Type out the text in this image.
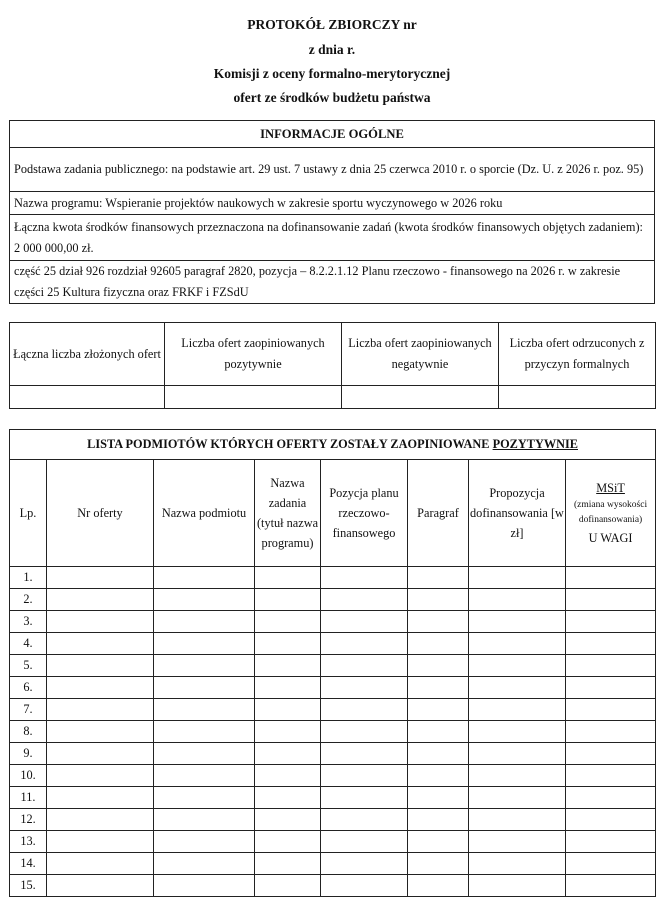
PROTOKÓŁ ZBIORCZY nr
z dnia r.
Komisji z oceny formalno-merytorycznej
ofert ze środków budżetu państwa
INFORMACJE OGÓLNE
Podstawa zadania publicznego: na podstawie art. 29 ust. 7 ustawy z dnia 25 czerwca 2010 r. o sporcie (Dz. U. z 2026 r. poz. 95)
Nazwa programu: Wspieranie projektów naukowych w zakresie sportu wyczynowego w 2026 roku
Łączna kwota środków finansowych przeznaczona na dofinansowanie zadań (kwota środków finansowych objętych zadaniem): 2 000 000,00 zł.
część 25 dział 926 rozdział 92605 paragraf 2820, pozycja – 8.2.2.1.12 Planu rzeczowo - finansowego na 2026 r. w zakresie części 25 Kultura fizyczna oraz FRKF i FZSdU
Łączna liczba złożonych ofert	Liczba ofert zaopiniowanych pozytywnie	Liczba ofert zaopiniowanych negatywnie	Liczba ofert odrzuconych z przyczyn formalnych

LISTA PODMIOTÓW KTÓRYCH OFERTY ZOSTAŁY ZAOPINIOWANE POZYTYWNIE							
Lp.	Nr oferty	Nazwa podmiotu	Nazwa zadania (tytuł nazwa programu)	Pozycja planu rzeczowo-finansowego	Paragraf	Propozycja dofinansowania [w zł]	MSiT
(zmiana wysokości dofinansowania)
U WAGI

1.							
2.							
3.							
4.							
5.							
6.							
7.							
8.							
9.							
10.							
11.							
12.							
13.							
14.							
15.							
